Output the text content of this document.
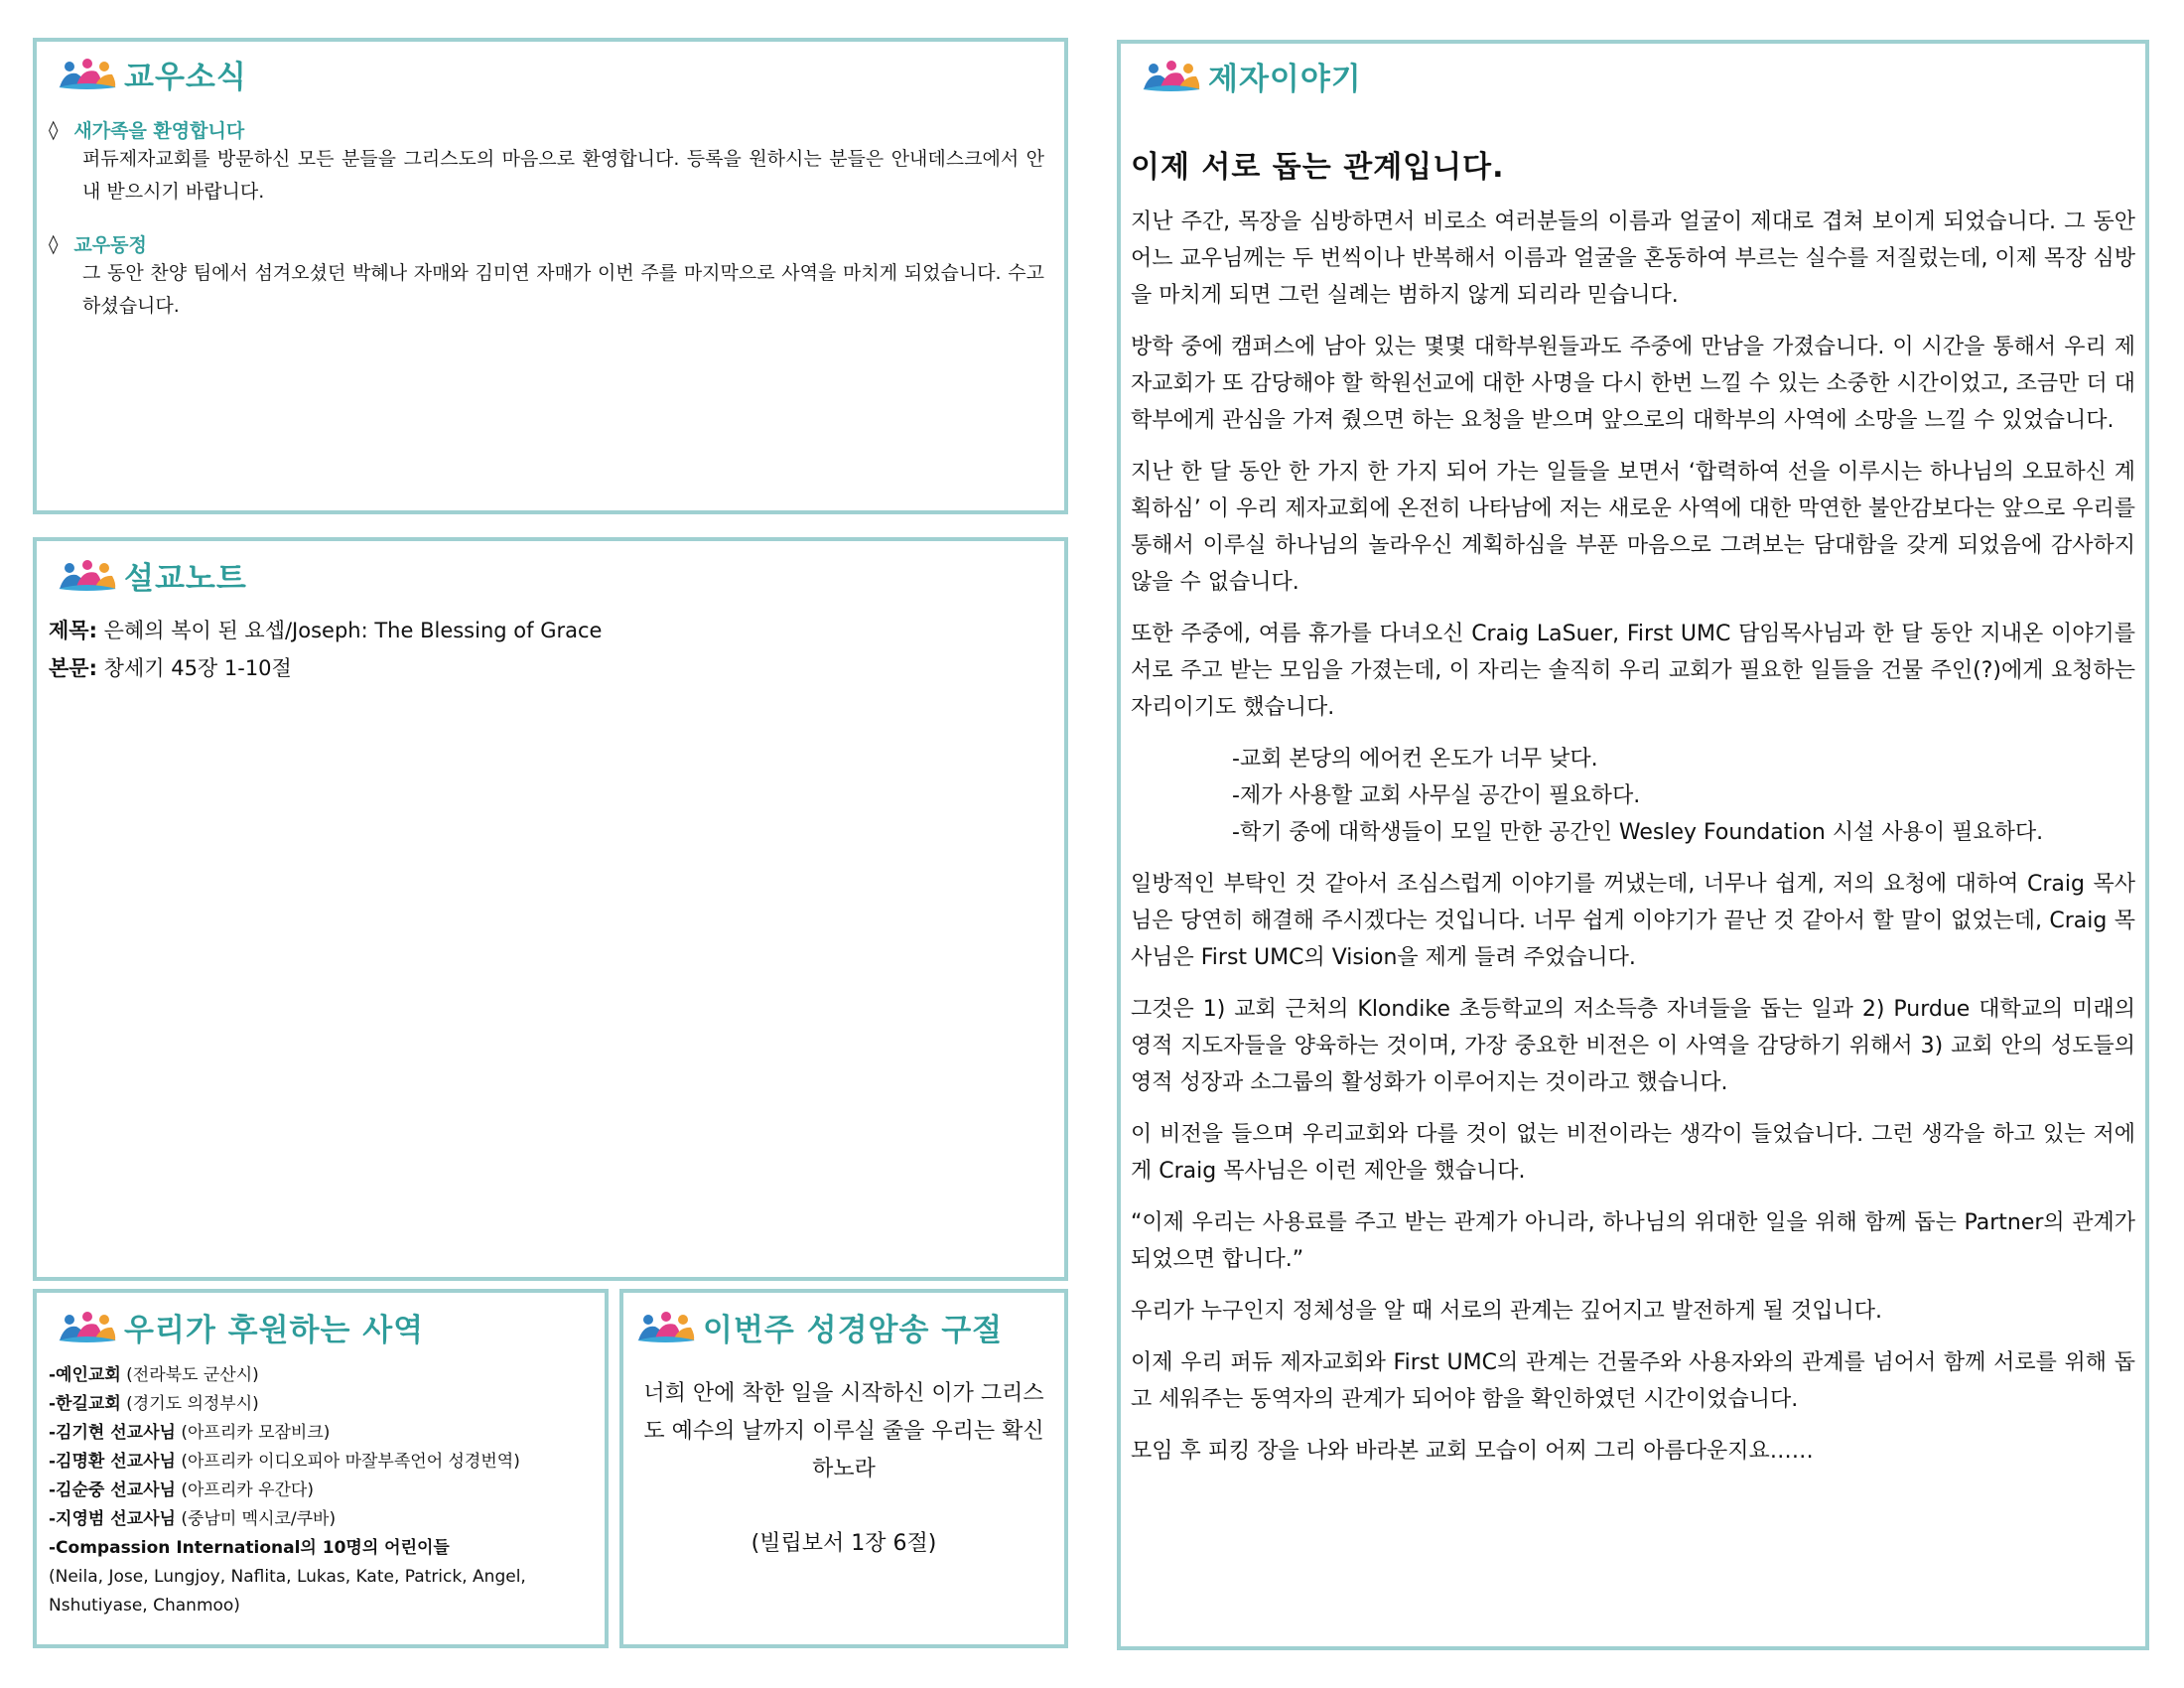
교우소식
◊ 새가족을 환영합니다
퍼듀제자교회를 방문하신 모든 분들을 그리스도의 마음으로 환영합니다. 등록을 원하시는 분들은 안내데스크에서 안내 받으시기 바랍니다.
◊ 교우동정
그 동안 찬양 팀에서 섬겨오셨던 박혜나 자매와 김미연 자매가 이번 주를 마지막으로 사역을 마치게 되었습니다. 수고하셨습니다.
설교노트
제목: 은혜의 복이 된 요셉/Joseph: The Blessing of Grace
본문: 창세기 45장 1-10절
우리가 후원하는 사역
-예인교회 (전라북도 군산시)
-한길교회 (경기도 의정부시)
-김기현 선교사님 (아프리카 모잠비크)
-김명환 선교사님 (아프리카 이디오피아 마잘부족언어 성경번역)
-김순중 선교사님 (아프리카 우간다)
-지영범 선교사님 (중남미 멕시코/쿠바)
-Compassion International의 10명의 어린이들
(Neila, Jose, Lungjoy, Naflita, Lukas, Kate, Patrick, Angel, Nshutiyase, Chanmoo)
이번주 성경암송 구절
너희 안에 착한 일을 시작하신 이가 그리스도 예수의 날까지 이루실 줄을 우리는 확신하노라
(빌립보서 1장 6절)
제자이야기
이제 서로 돕는 관계입니다.
지난 주간, 목장을 심방하면서 비로소 여러분들의 이름과 얼굴이 제대로 겹쳐 보이게 되었습니다. 그 동안 어느 교우님께는 두 번씩이나 반복해서 이름과 얼굴을 혼동하여 부르는 실수를 저질렀는데, 이제 목장 심방을 마치게 되면 그런 실례는 범하지 않게 되리라 믿습니다.
방학 중에 캠퍼스에 남아 있는 몇몇 대학부원들과도 주중에 만남을 가졌습니다. 이 시간을 통해서 우리 제자교회가 또 감당해야 할 학원선교에 대한 사명을 다시 한번 느낄 수 있는 소중한 시간이었고, 조금만 더 대학부에게 관심을 가져 줬으면 하는 요청을 받으며 앞으로의 대학부의 사역에 소망을 느낄 수 있었습니다.
지난 한 달 동안 한 가지 한 가지 되어 가는 일들을 보면서 ‘합력하여 선을 이루시는 하나님의 오묘하신 계획하심’ 이 우리 제자교회에 온전히 나타남에 저는 새로운 사역에 대한 막연한 불안감보다는 앞으로 우리를 통해서 이루실 하나님의 놀라우신 계획하심을 부푼 마음으로 그려보는 담대함을 갖게 되었음에 감사하지 않을 수 없습니다.
또한 주중에, 여름 휴가를 다녀오신 Craig LaSuer, First UMC 담임목사님과 한 달 동안 지내온 이야기를 서로 주고 받는 모임을 가졌는데, 이 자리는 솔직히 우리 교회가 필요한 일들을 건물 주인(?)에게 요청하는 자리이기도 했습니다.
-교회 본당의 에어컨 온도가 너무 낮다.
-제가 사용할 교회 사무실 공간이 필요하다.
-학기 중에 대학생들이 모일 만한 공간인 Wesley Foundation 시설 사용이 필요하다.
일방적인 부탁인 것 같아서 조심스럽게 이야기를 꺼냈는데, 너무나 쉽게, 저의 요청에 대하여 Craig 목사님은 당연히 해결해 주시겠다는 것입니다. 너무 쉽게 이야기가 끝난 것 같아서 할 말이 없었는데, Craig 목사님은 First UMC의 Vision을 제게 들려 주었습니다.
그것은 1) 교회 근처의 Klondike 초등학교의 저소득층 자녀들을 돕는 일과 2) Purdue 대학교의 미래의 영적 지도자들을 양육하는 것이며, 가장 중요한 비전은 이 사역을 감당하기 위해서 3) 교회 안의 성도들의 영적 성장과 소그룹의 활성화가 이루어지는 것이라고 했습니다.
이 비전을 들으며 우리교회와 다를 것이 없는 비전이라는 생각이 들었습니다. 그런 생각을 하고 있는 저에게 Craig 목사님은 이런 제안을 했습니다.
“이제 우리는 사용료를 주고 받는 관계가 아니라, 하나님의 위대한 일을 위해 함께 돕는 Partner의 관계가 되었으면 합니다.”
우리가 누구인지 정체성을 알 때 서로의 관계는 깊어지고 발전하게 될 것입니다.
이제 우리 퍼듀 제자교회와 First UMC의 관계는 건물주와 사용자와의 관계를 넘어서 함께 서로를 위해 돕고 세워주는 동역자의 관계가 되어야 함을 확인하였던 시간이었습니다.
모임 후 피킹 장을 나와 바라본 교회 모습이 어찌 그리 아름다운지요……
